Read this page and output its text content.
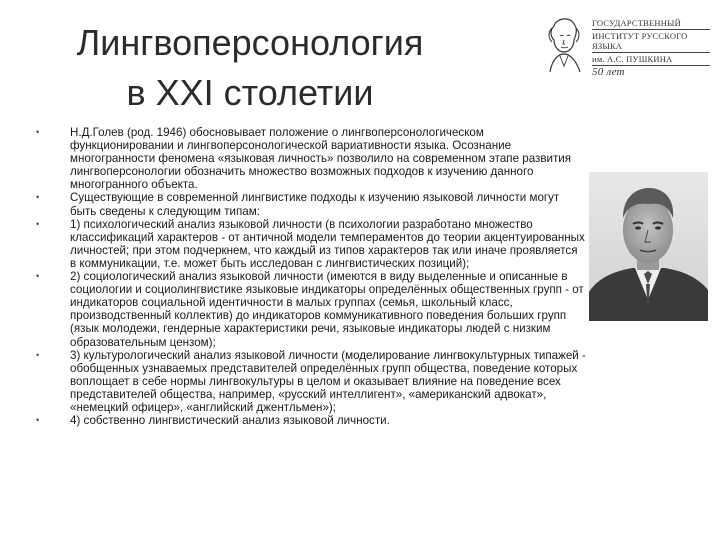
Лингвоперсонология
в XXI столетии
ГОСУДАРСТВЕННЫЙ
ИНСТИТУТ РУССКОГО ЯЗЫКА
им. А.С. ПУШКИНА
50 лет
•	Н.Д.Голев (род. 1946) обосновывает положение о лингвоперсонологическом функционировании и лингвоперсонологической вариативности языка. Осознание многогранности феномена «языковая личность» позволило на современном этапе развития лингвоперсонологии обозначить множество возможных подходов к изучению данного многогранного объекта.
•	Существующие в современной лингвистике подходы к изучению языковой личности могут быть сведены к следующим типам:
•	1) психологический анализ языковой личности (в психологии разработано множество классификаций характеров - от античной модели темпераментов до теории акцентуированных личностей; при этом подчеркнем, что каждый из типов характеров так или иначе проявляется в коммуникации, т.е. может быть исследован с лингвистических позиций);
•	2) социологический анализ языковой личности (имеются в виду выделенные и описанные в социологии и социолингвистике языковые индикаторы определённых общественных групп - от индикаторов социальной идентичности в малых группах (семья, школьный класс, производственный коллектив) до индикаторов коммуникативного поведения больших групп (язык молодежи, гендерные характеристики речи, языковые индикаторы людей с низким образовательным цензом);
•	3) культурологический анализ языковой личности (моделирование лингвокультурных типажей - обобщенных узнаваемых представителей определённых групп общества, поведение которых воплощает в себе нормы лингвокультуры в целом и оказывает влияние на поведение всех представителей общества, например, «русский интеллигент», «американский адвокат», «немецкий офицер», «английский джентльмен»);
•	4) собственно лингвистический анализ языковой личности.
